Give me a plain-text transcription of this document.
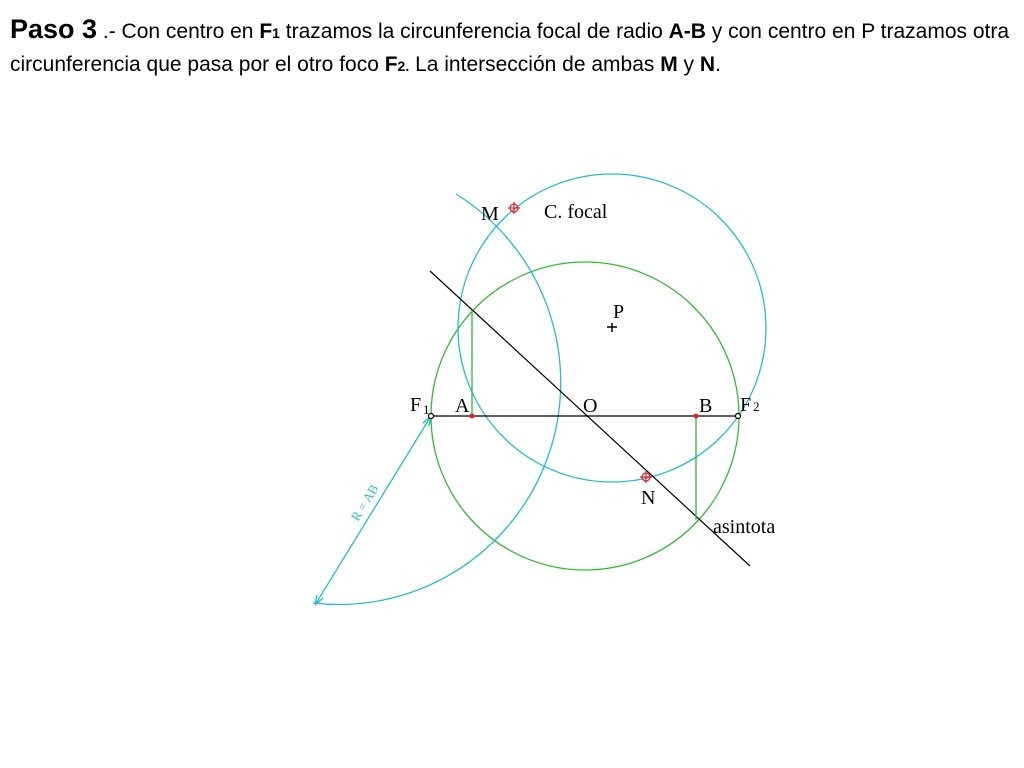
Paso 3 .- Con centro en F1 trazamos la circunferencia focal de radio A-B y con centro en P trazamos otra circunferencia que pasa por el otro foco F2. La intersección de ambas M y N.
M C. focal
P
F 1 A	O	B F 2
N
asintota
R = AB
